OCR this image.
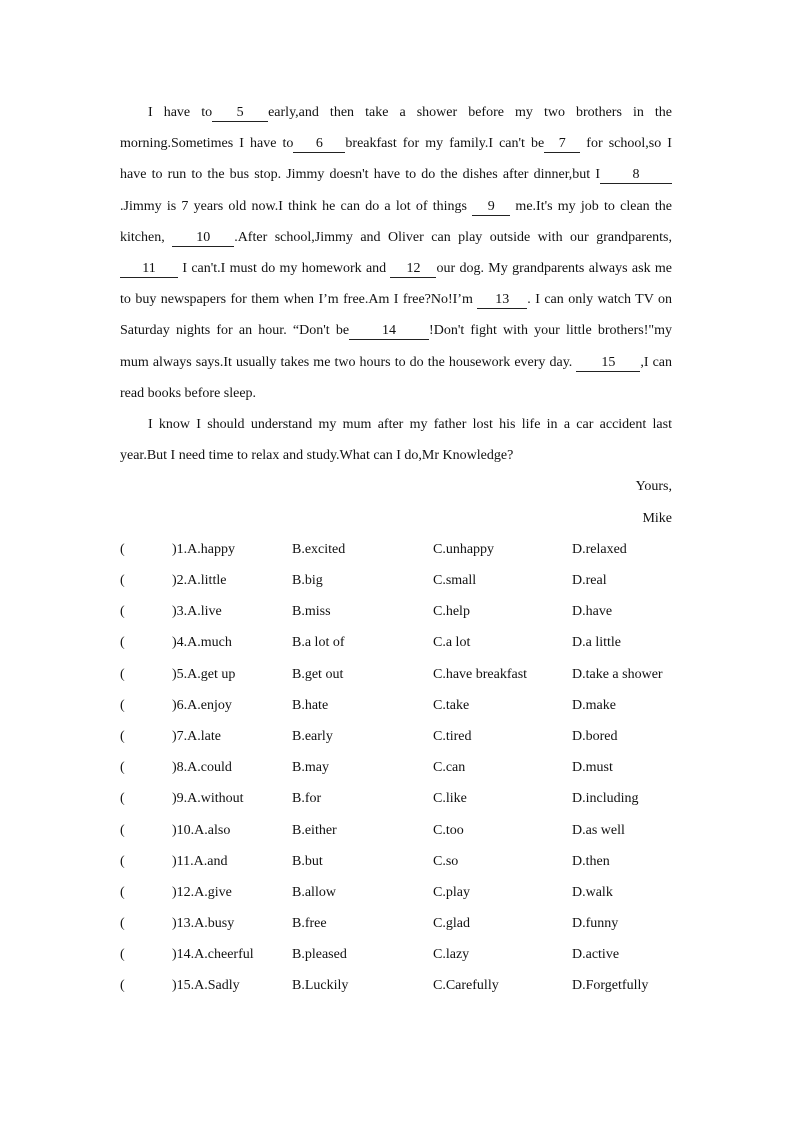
I have to 5 early,and then take a shower before my two brothers in the morning.Sometimes I have to 6 breakfast for my family.I can't be 7 for school,so I have to run to the bus stop. Jimmy doesn't have to do the dishes after dinner,but I 8.Jimmy is 7 years old now.I think he can do a lot of things 9 me.It's my job to clean the kitchen, 10 .After school,Jimmy and Oliver can play outside with our grandparents, 11 I can't.I must do my homework and 12 our dog. My grandparents always ask me to buy newspapers for them when I’m free.Am I free?No!I’m 13 . I can only watch TV on Saturday nights for an hour. “Don't be 14 !Don't fight with your little brothers!"my mum always says.It usually takes me two hours to do the housework every day. 15 ,I can read books before sleep.

I know I should understand my mum after my father lost his life in a car accident last year.But I need time to relax and study.What can I do,Mr Knowledge?

Yours,

Mike

(	)1.A.happy	B.excited	C.unhappy	D.relaxed
(	)2.A.little	B.big	C.small	D.real
(	)3.A.live	B.miss	C.help	D.have
(	)4.A.much	B.a lot of	C.a lot	D.a little
(	)5.A.get up	B.get out	C.have breakfast	D.take a shower
(	)6.A.enjoy	B.hate	C.take	D.make
(	)7.A.late	B.early	C.tired	D.bored
(	)8.A.could	B.may	C.can	D.must
(	)9.A.without	B.for	C.like	D.including
(	)10.A.also	B.either	C.too	D.as well
(	)11.A.and	B.but	C.so	D.then
(	)12.A.give	B.allow	C.play	D.walk
(	)13.A.busy	B.free	C.glad	D.funny
(	)14.A.cheerful	B.pleased	C.lazy	D.active
(	)15.A.Sadly	B.Luckily	C.Carefully	D.Forgetfully
